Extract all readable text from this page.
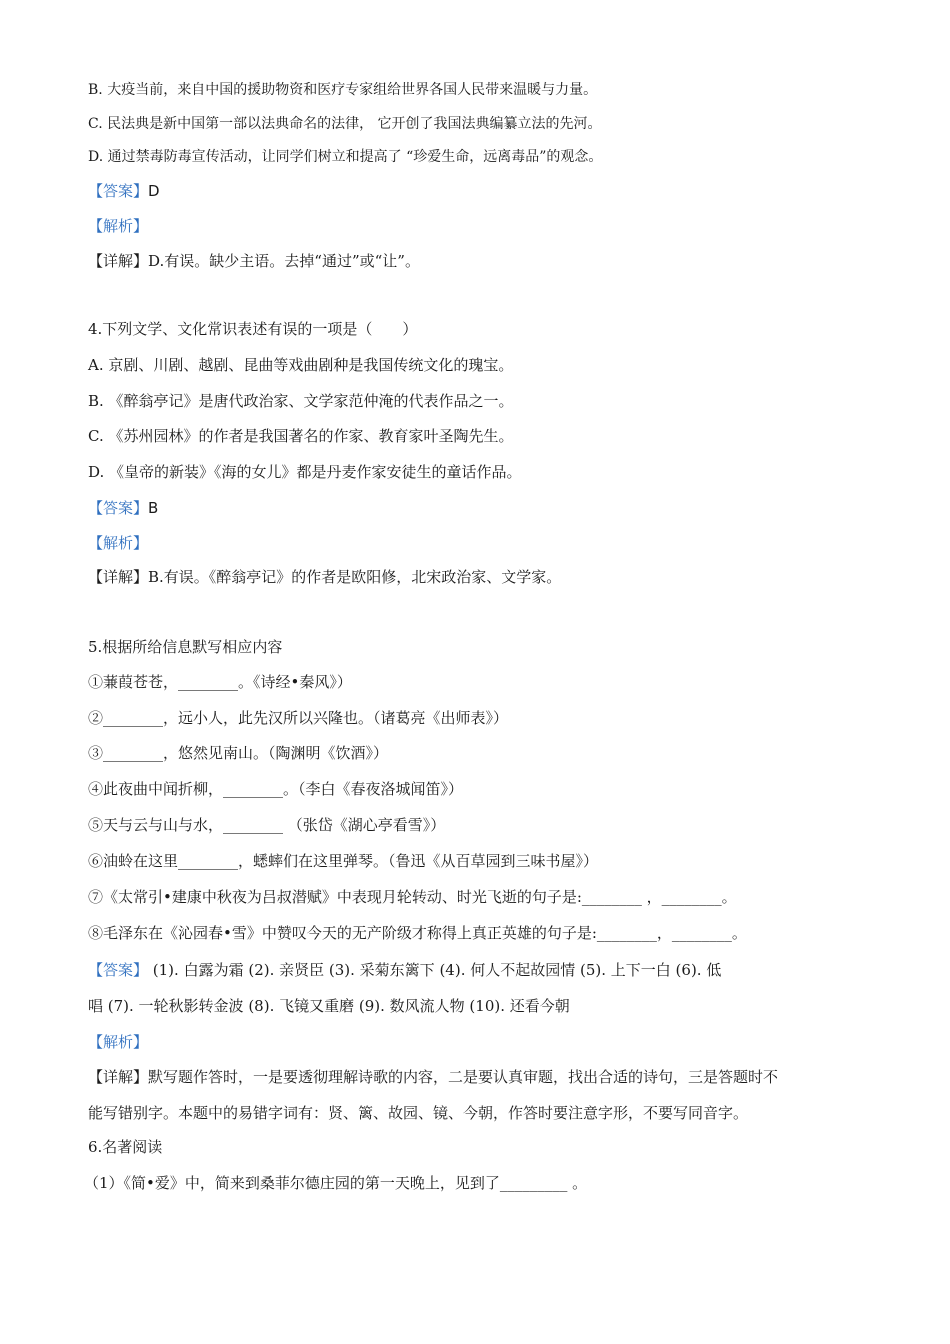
B. 大疫当前，来自中国的援助物资和医疗专家组给世界各国人民带来温暖与力量。
C. 民法典是新中国第一部以法典命名的法律， 它开创了我国法典编纂立法的先河。
D. 通过禁毒防毒宣传活动，让同学们树立和提高了 “珍爱生命，远离毒品”的观念。
【答案】D
【解析】
【详解】D.有误。缺少主语。去掉“通过”或“让”。
4.下列文学、文化常识表述有误的一项是（　　）
A. 京剧、川剧、越剧、昆曲等戏曲剧种是我国传统文化的瑰宝。
B. 《醉翁亭记》是唐代政治家、文学家范仲淹的代表作品之一。
C. 《苏州园林》的作者是我国著名的作家、教育家叶圣陶先生。
D. 《皇帝的新装》《海的女儿》都是丹麦作家安徒生的童话作品。
【答案】B
【解析】
【详解】B.有误。《醉翁亭记》的作者是欧阳修，北宋政治家、文学家。
5.根据所给信息默写相应内容
①蒹葭苍苍，________。《诗经•秦风》）
②________，远小人，此先汉所以兴隆也。（诸葛亮《出师表》）
③________，悠然见南山。（陶渊明《饮酒》）
④此夜曲中闻折柳，________。（李白《春夜洛城闻笛》）
⑤天与云与山与水，________ （张岱《湖心亭看雪》）
⑥油蛉在这里________，蟋蟀们在这里弹琴。（鲁迅《从百草园到三味书屋》）
⑦《太常引•建康中秋夜为吕叔潜赋》中表现月轮转动、时光飞逝的句子是:________ ，________。
⑧毛泽东在《沁园春•雪》中赞叹今天的无产阶级才称得上真正英雄的句子是:________，________。
【答案】 (1). 白露为霜 (2). 亲贤臣 (3). 采菊东篱下 (4). 何人不起故园情 (5). 上下一白 (6). 低
唱 (7). 一轮秋影转金波 (8). 飞镜又重磨 (9). 数风流人物 (10). 还看今朝
【解析】
【详解】默写题作答时，一是要透彻理解诗歌的内容，二是要认真审题，找出合适的诗句，三是答题时不
能写错别字。本题中的易错字词有：贤、篱、故园、镜、今朝，作答时要注意字形，不要写同音字。
6.名著阅读
（1）《简•爱》中，简来到桑菲尔德庄园的第一天晚上，见到了_________ 。
